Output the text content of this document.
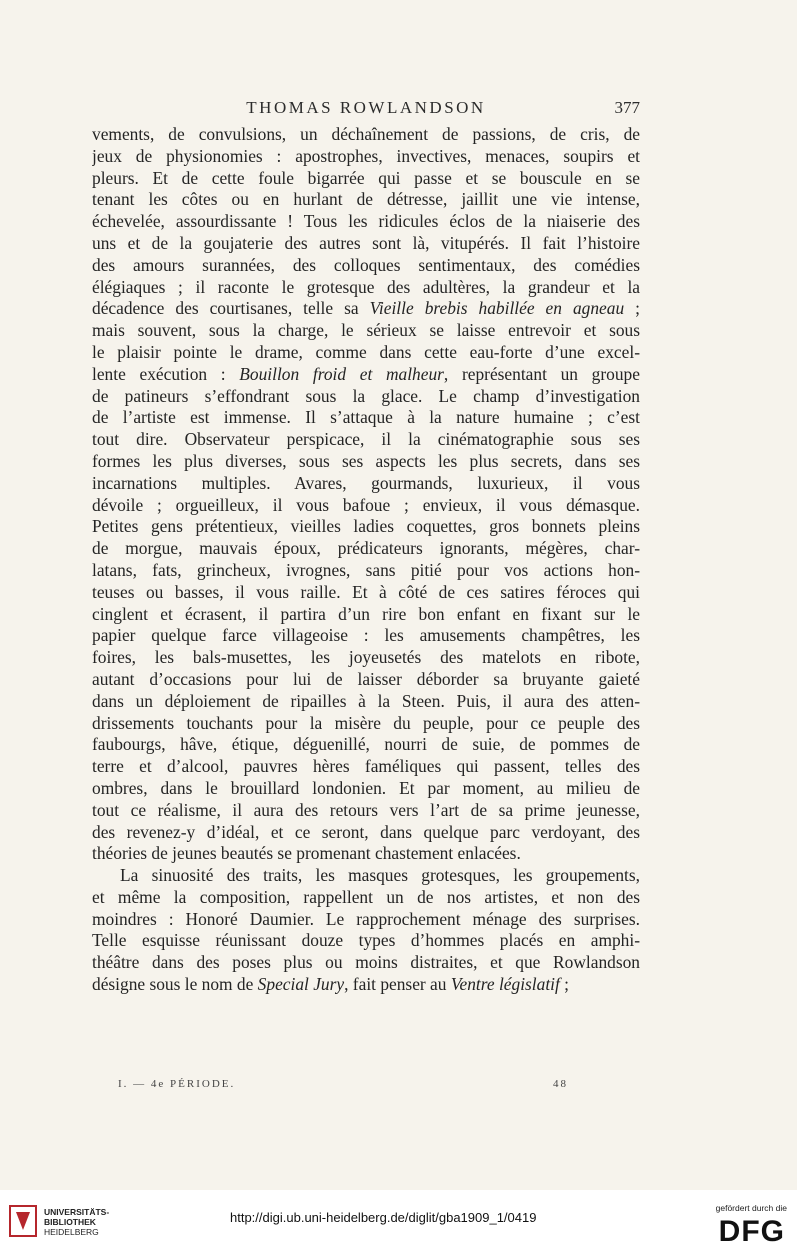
THOMAS ROWLANDSON	377
vements, de convulsions, un déchaînement de passions, de cris, de
jeux de physionomies : apostrophes, invectives, menaces, soupirs et
pleurs. Et de cette foule bigarrée qui passe et se bouscule en se
tenant les côtes ou en hurlant de détresse, jaillit une vie intense,
échevelée, assourdissante ! Tous les ridicules éclos de la niaiserie des
uns et de la goujaterie des autres sont là, vitupérés. Il fait l’histoire
des amours surannées, des colloques sentimentaux, des comédies
élégiaques ; il raconte le grotesque des adultères, la grandeur et la
décadence des courtisanes, telle sa Vieille brebis habillée en agneau ;
mais souvent, sous la charge, le sérieux se laisse entrevoir et sous
le plaisir pointe le drame, comme dans cette eau-forte d’une excel-
lente exécution : Bouillon froid et malheur, représentant un groupe
de patineurs s’effondrant sous la glace. Le champ d’investigation
de l’artiste est immense. Il s’attaque à la nature humaine ; c’est
tout dire. Observateur perspicace, il la cinématographie sous ses
formes les plus diverses, sous ses aspects les plus secrets, dans ses
incarnations multiples. Avares, gourmands, luxurieux, il vous
dévoile ; orgueilleux, il vous bafoue ; envieux, il vous démasque.
Petites gens prétentieux, vieilles ladies coquettes, gros bonnets pleins
de morgue, mauvais époux, prédicateurs ignorants, mégères, char-
latans, fats, grincheux, ivrognes, sans pitié pour vos actions hon-
teuses ou basses, il vous raille. Et à côté de ces satires féroces qui
cinglent et écrasent, il partira d’un rire bon enfant en fixant sur le
papier quelque farce villageoise : les amusements champêtres, les
foires, les bals-musettes, les joyeusetés des matelots en ribote,
autant d’occasions pour lui de laisser déborder sa bruyante gaieté
dans un déploiement de ripailles à la Steen. Puis, il aura des atten-
drissements touchants pour la misère du peuple, pour ce peuple des
faubourgs, hâve, étique, déguenillé, nourri de suie, de pommes de
terre et d’alcool, pauvres hères faméliques qui passent, telles des
ombres, dans le brouillard londonien. Et par moment, au milieu de
tout ce réalisme, il aura des retours vers l’art de sa prime jeunesse,
des revenez-y d’idéal, et ce seront, dans quelque parc verdoyant, des
théories de jeunes beautés se promenant chastement enlacées.
La sinuosité des traits, les masques grotesques, les groupements,
et même la composition, rappellent un de nos artistes, et non des
moindres : Honoré Daumier. Le rapprochement ménage des surprises.
Telle esquisse réunissant douze types d’hommes placés en amphi-
théâtre dans des poses plus ou moins distraites, et que Rowlandson
désigne sous le nom de Special Jury, fait penser au Ventre législatif ;
I. — 4e PÉRIODE.	48
UNIVERSITÄTS-
BIBLIOTHEK
HEIDELBERG
http://digi.ub.uni-heidelberg.de/diglit/gba1909_1/0419
gefördert durch die
DFG
